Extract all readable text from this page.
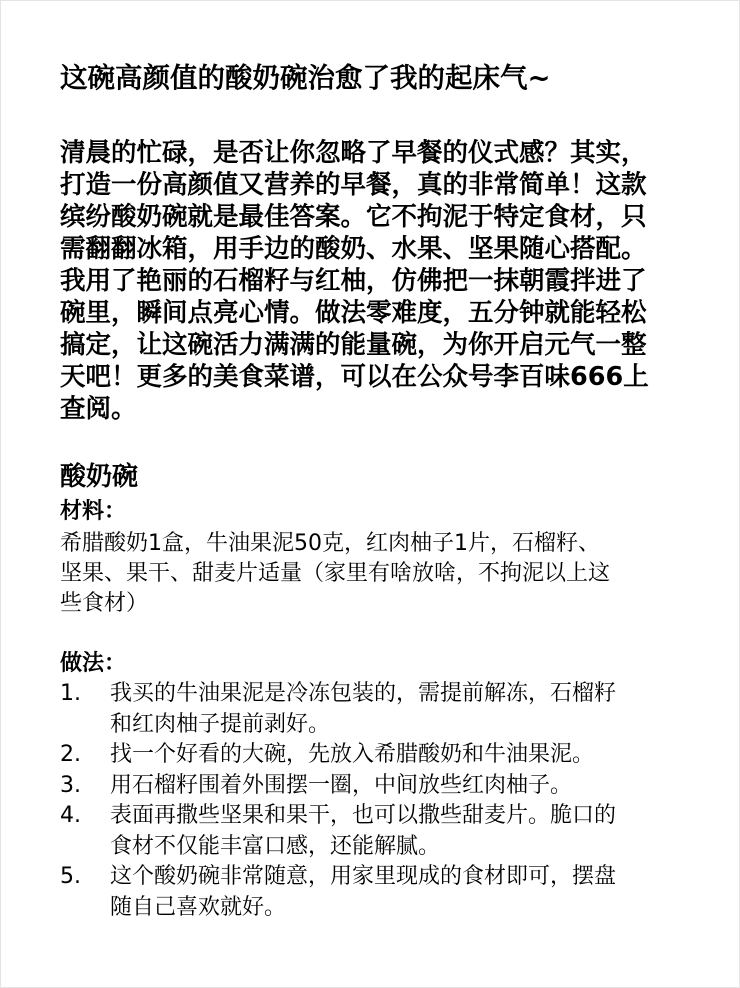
这碗高颜值的酸奶碗治愈了我的起床气~
清晨的忙碌，是否让你忽略了早餐的仪式感？其实，
打造一份高颜值又营养的早餐，真的非常简单！这款
缤纷酸奶碗就是最佳答案。它不拘泥于特定食材，只
需翻翻冰箱，用手边的酸奶、水果、坚果随心搭配。
我用了艳丽的石榴籽与红柚，仿佛把一抹朝霞拌进了
碗里，瞬间点亮心情。做法零难度，五分钟就能轻松
搞定，让这碗活力满满的能量碗，为你开启元气一整
天吧！更多的美食菜谱，可以在公众号李百味666上
查阅。
酸奶碗
材料：
希腊酸奶1盒，牛油果泥50克，红肉柚子1片，石榴籽、
坚果、果干、甜麦片适量（家里有啥放啥，不拘泥以上这
些食材）
做法：
1. 我买的牛油果泥是冷冻包装的，需提前解冻，石榴籽
和红肉柚子提前剥好。
2. 找一个好看的大碗，先放入希腊酸奶和牛油果泥。
3. 用石榴籽围着外围摆一圈，中间放些红肉柚子。
4. 表面再撒些坚果和果干，也可以撒些甜麦片。脆口的
食材不仅能丰富口感，还能解腻。
5. 这个酸奶碗非常随意，用家里现成的食材即可，摆盘
随自己喜欢就好。
